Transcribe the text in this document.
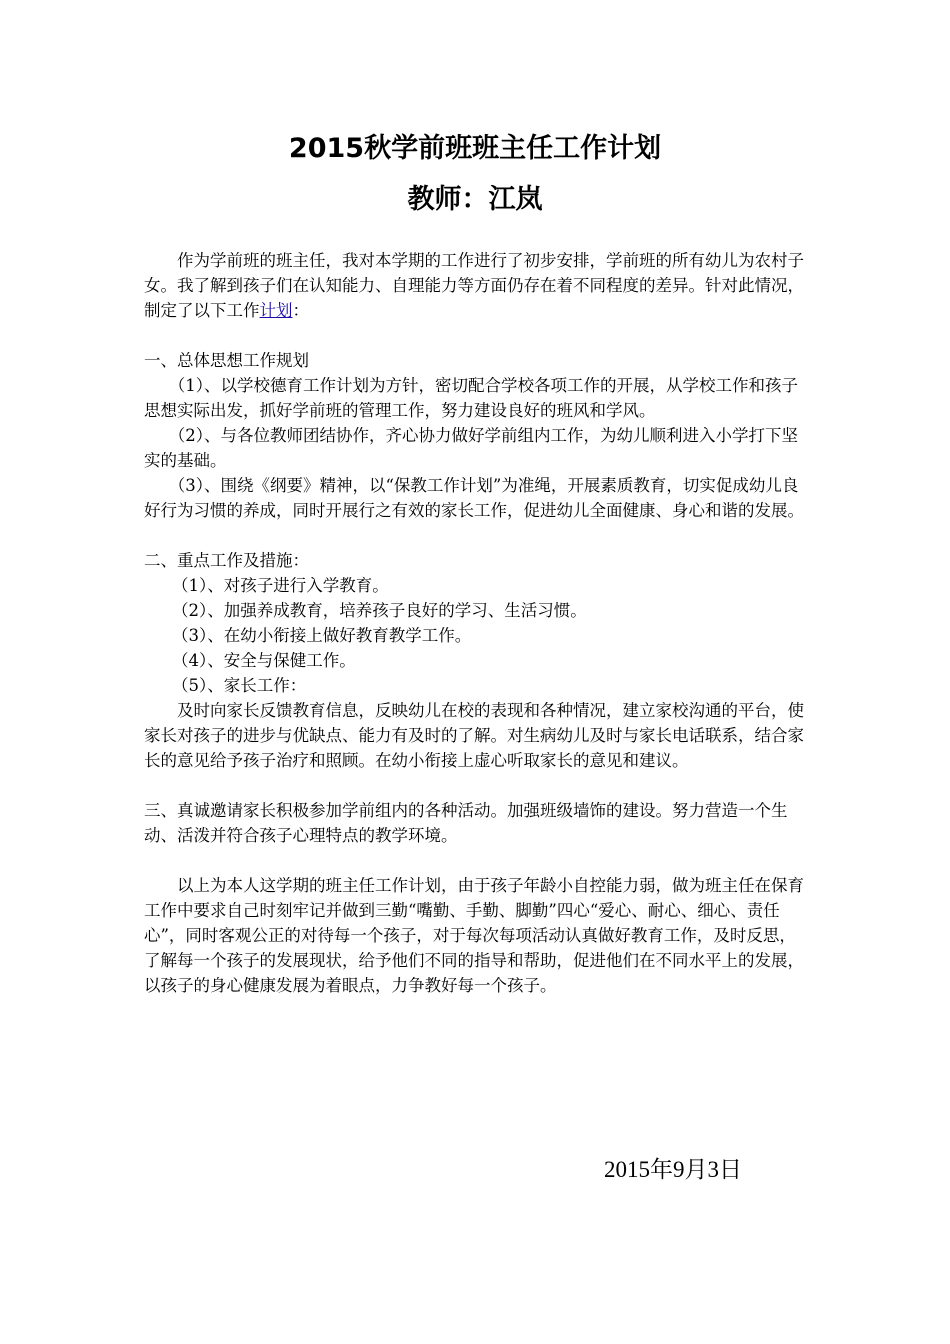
2015秋学前班班主任工作计划
教师：江岚

作为学前班的班主任，我对本学期的工作进行了初步安排，学前班的所有幼儿为农村子女。我了解到孩子们在认知能力、自理能力等方面仍存在着不同程度的差异。针对此情况，制定了以下工作计划：

一、总体思想工作规划

（1）、以学校德育工作计划为方针，密切配合学校各项工作的开展，从学校工作和孩子思想实际出发，抓好学前班的管理工作，努力建设良好的班风和学风。

（2）、与各位教师团结协作，齐心协力做好学前组内工作，为幼儿顺利进入小学打下坚实的基础。

（3）、围绕《纲要》精神，以“保教工作计划”为准绳，开展素质教育，切实促成幼儿良好行为习惯的养成，同时开展行之有效的家长工作，促进幼儿全面健康、身心和谐的发展。

二、重点工作及措施：

（1）、对孩子进行入学教育。

（2）、加强养成教育，培养孩子良好的学习、生活习惯。

（3）、在幼小衔接上做好教育教学工作。

（4）、安全与保健工作。

（5）、家长工作：

及时向家长反馈教育信息，反映幼儿在校的表现和各种情况，建立家校沟通的平台，使家长对孩子的进步与优缺点、能力有及时的了解。对生病幼儿及时与家长电话联系，结合家长的意见给予孩子治疗和照顾。在幼小衔接上虚心听取家长的意见和建议。

三、真诚邀请家长积极参加学前组内的各种活动。加强班级墙饰的建设。努力营造一个生动、活泼并符合孩子心理特点的教学环境。

以上为本人这学期的班主任工作计划，由于孩子年龄小自控能力弱，做为班主任在保育工作中要求自己时刻牢记并做到三勤“嘴勤、手勤、脚勤”四心“爱心、耐心、细心、责任心”，同时客观公正的对待每一个孩子，对于每次每项活动认真做好教育工作，及时反思，了解每一个孩子的发展现状，给予他们不同的指导和帮助，促进他们在不同水平上的发展，以孩子的身心健康发展为着眼点，力争教好每一个孩子。

2015年9月3日
